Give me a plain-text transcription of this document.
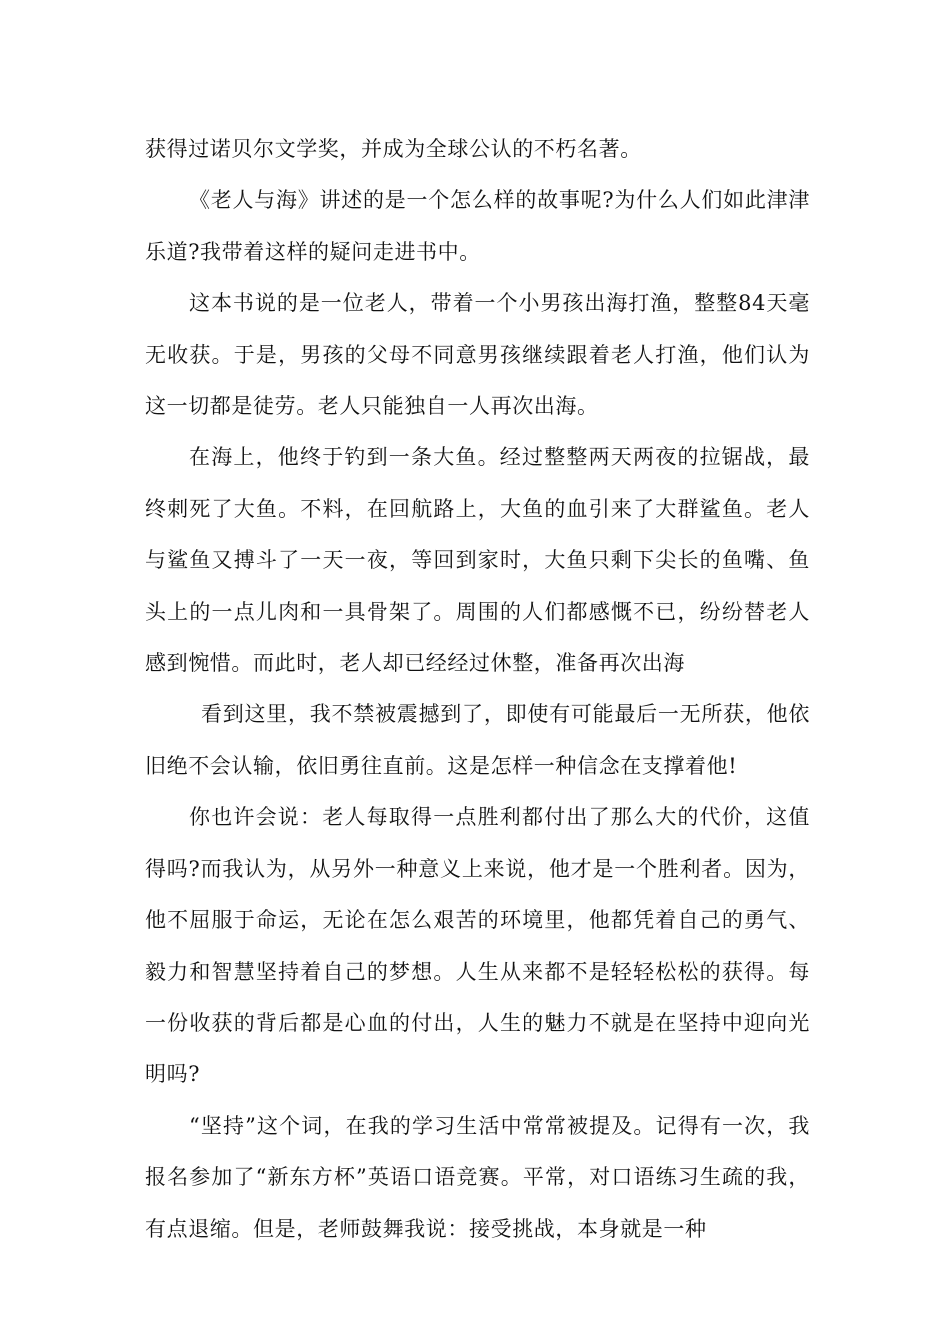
获得过诺贝尔文学奖，并成为全球公认的不朽名著。

《老人与海》讲述的是一个怎么样的故事呢?为什么人们如此津津乐道?我带着这样的疑问走进书中。

这本书说的是一位老人，带着一个小男孩出海打渔，整整84天毫无收获。于是，男孩的父母不同意男孩继续跟着老人打渔，他们认为这一切都是徒劳。老人只能独自一人再次出海。

在海上，他终于钓到一条大鱼。经过整整两天两夜的拉锯战，最终刺死了大鱼。不料，在回航路上，大鱼的血引来了大群鲨鱼。老人与鲨鱼又搏斗了一天一夜，等回到家时，大鱼只剩下尖长的鱼嘴、鱼头上的一点儿肉和一具骨架了。周围的人们都感慨不已，纷纷替老人感到惋惜。而此时，老人却已经经过休整，准备再次出海

看到这里，我不禁被震撼到了，即使有可能最后一无所获，他依旧绝不会认输，依旧勇往直前。这是怎样一种信念在支撑着他!

你也许会说：老人每取得一点胜利都付出了那么大的代价，这值得吗?而我认为，从另外一种意义上来说，他才是一个胜利者。因为，他不屈服于命运，无论在怎么艰苦的环境里，他都凭着自己的勇气、毅力和智慧坚持着自己的梦想。人生从来都不是轻轻松松的获得。每一份收获的背后都是心血的付出，人生的魅力不就是在坚持中迎向光明吗?

“坚持”这个词，在我的学习生活中常常被提及。记得有一次，我报名参加了“新东方杯”英语口语竞赛。平常，对口语练习生疏的我，有点退缩。但是，老师鼓舞我说：接受挑战，本身就是一种
